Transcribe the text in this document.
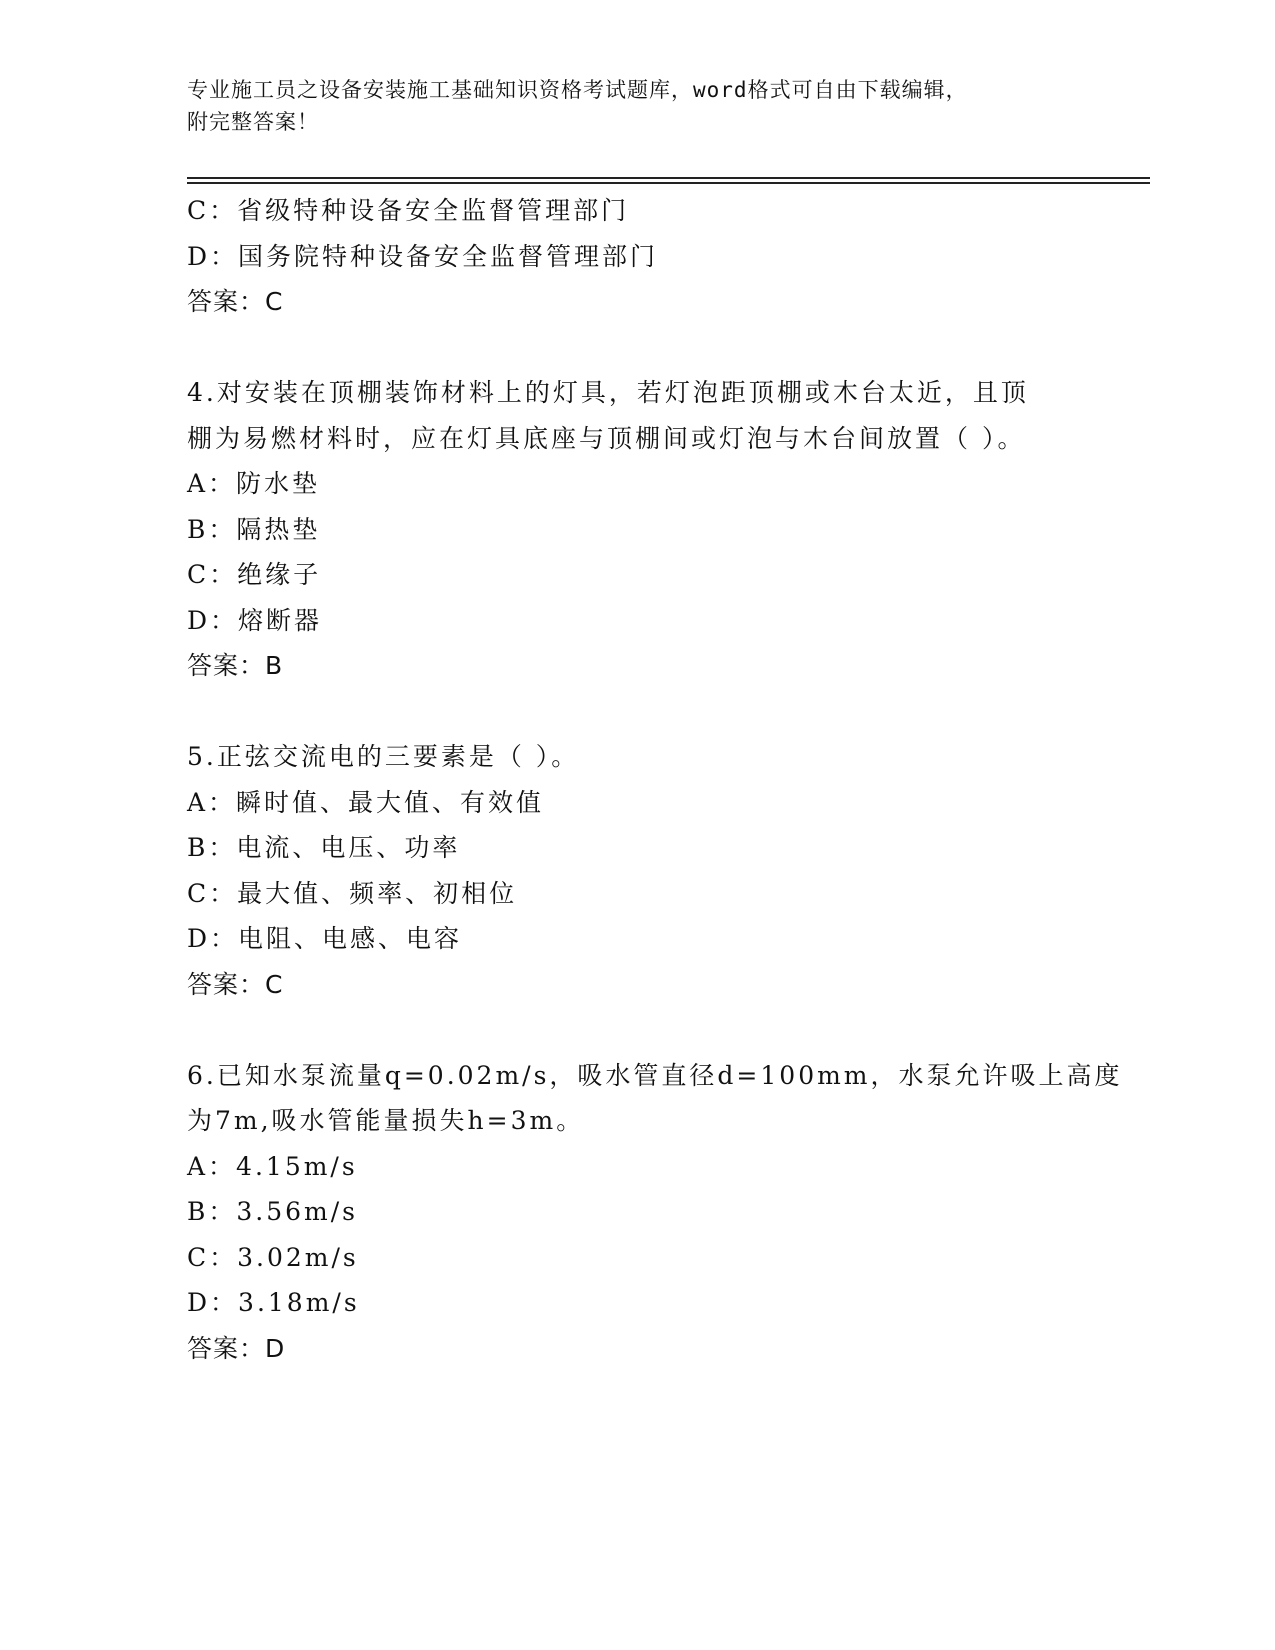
专业施工员之设备安装施工基础知识资格考试题库，word格式可自由下载编辑，
附完整答案！
C：省级特种设备安全监督管理部门
D：国务院特种设备安全监督管理部门
答案：C
4.对安装在顶棚装饰材料上的灯具，若灯泡距顶棚或木台太近，且顶
棚为易燃材料时，应在灯具底座与顶棚间或灯泡与木台间放置（ ）。
A：防水垫
B：隔热垫
C：绝缘子
D：熔断器
答案：B
5.正弦交流电的三要素是（ ）。
A：瞬时值、最大值、有效值
B：电流、电压、功率
C：最大值、频率、初相位
D：电阻、电感、电容
答案：C
6.已知水泵流量q=0.02m/s，吸水管直径d=100mm，水泵允许吸上高度
为7m,吸水管能量损失h=3m。
A：4.15m/s
B：3.56m/s
C：3.02m/s
D：3.18m/s
答案：D
